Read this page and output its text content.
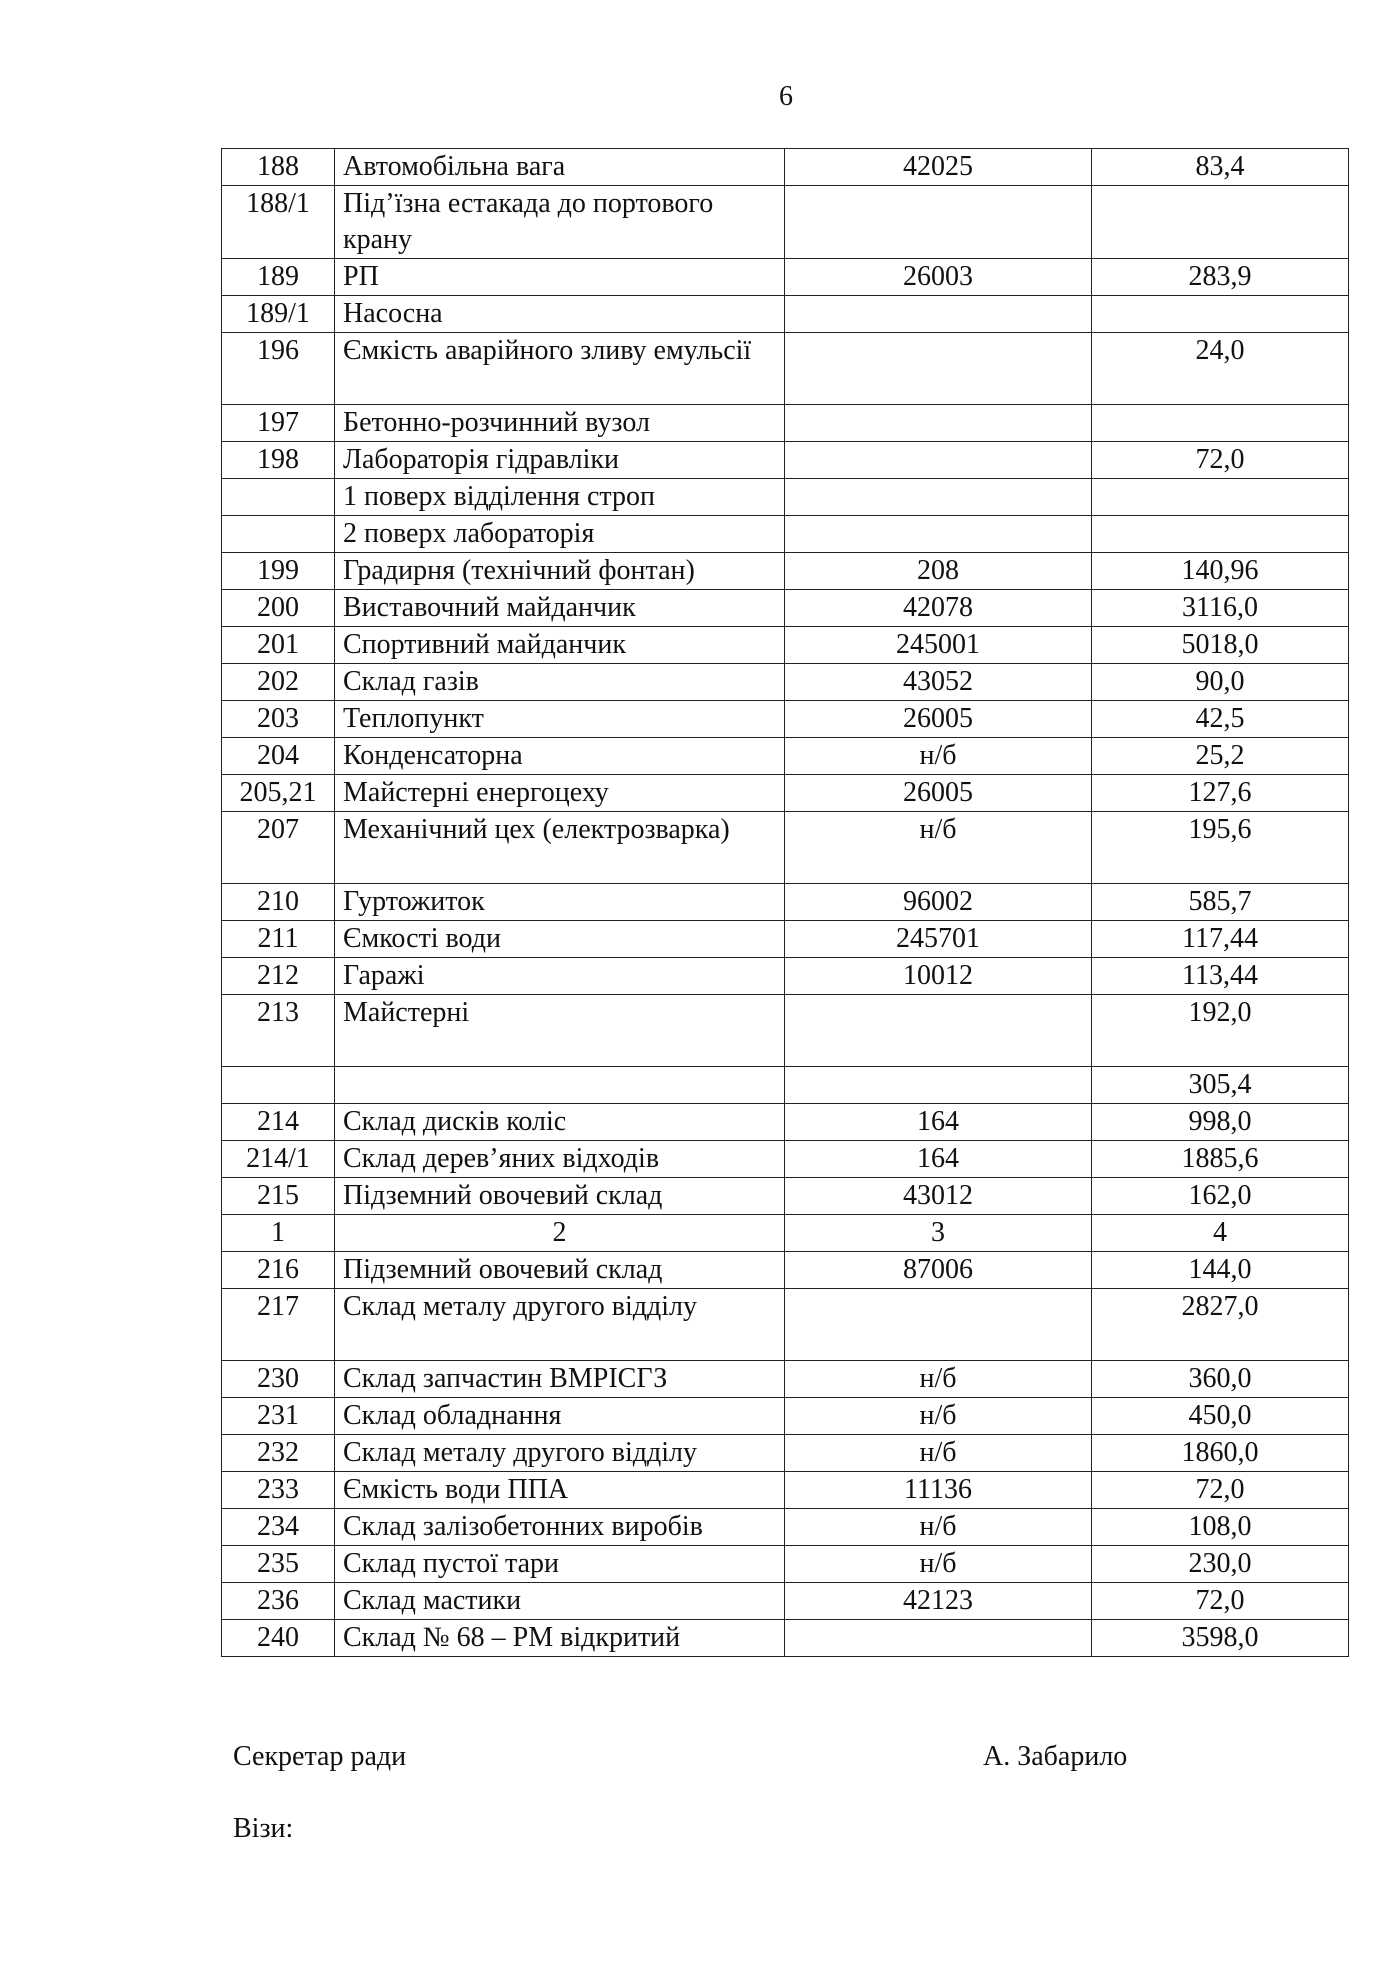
6
188	Автомобільна вага	42025	83,4
188/1	Під’їзна естакада до портового крану		
189	РП	26003	283,9
189/1	Насосна		
196	Ємкість аварійного зливу емульсії		24,0
197	Бетонно-розчинний вузол		
198	Лабораторія гідравліки		72,0
	1 поверх відділення строп		
	2 поверх лабораторія		
199	Градирня (технічний фонтан)	208	140,96
200	Виставочний майданчик	42078	3116,0
201	Спортивний майданчик	245001	5018,0
202	Склад газів	43052	90,0
203	Теплопункт	26005	42,5
204	Конденсаторна	н/б	25,2
205,21	Майстерні енергоцеху	26005	127,6
207	Механічний цех (електрозварка)	н/б	195,6
210	Гуртожиток	96002	585,7
211	Ємкості води	245701	117,44
212	Гаражі	10012	113,44
213	Майстерні		192,0
			305,4
214	Склад дисків коліс	164	998,0
214/1	Склад дерев’яних відходів	164	1885,6
215	Підземний овочевий склад	43012	162,0
1	2	3	4
216	Підземний овочевий склад	87006	144,0
217	Склад металу другого відділу		2827,0
230	Склад запчастин ВМРІСГЗ	н/б	360,0
231	Склад обладнання	н/б	450,0
232	Склад металу другого відділу	н/б	1860,0
233	Ємкість води ППА	11136	72,0
234	Склад залізобетонних виробів	н/б	108,0
235	Склад пустої тари	н/б	230,0
236	Склад мастики	42123	72,0
240	Склад № 68 – РМ відкритий		3598,0
Секретар ради	А. Забарило
Візи:
